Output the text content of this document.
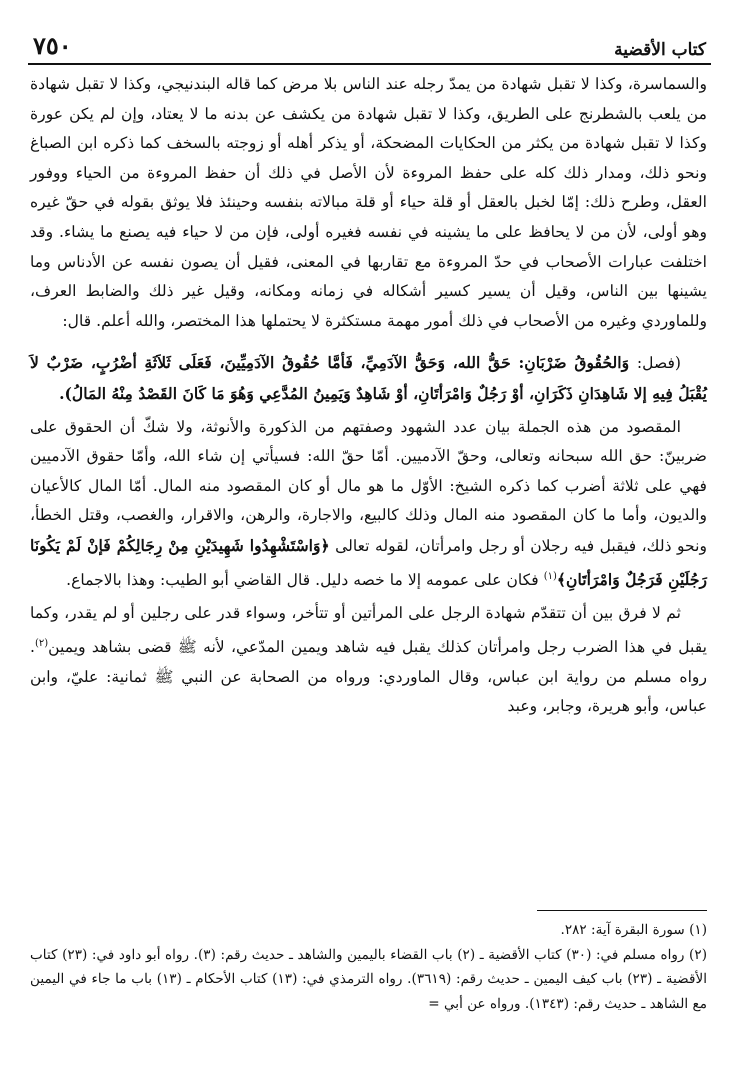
كتاب الأقضية
٧٥٠

والسماسرة، وكذا لا تقبل شهادة من يمدّ رجله عند الناس بلا مرض كما قاله البندنيجي، وكذا لا تقبل شهادة من يلعب بالشطرنج على الطريق، وكذا لا تقبل شهادة من يكشف عن بدنه ما لا يعتاد، وإن لم يكن عورة وكذا لا تقبل شهادة من يكثر من الحكايات المضحكة، أو يذكر أهله أو زوجته بالسخف كما ذكره ابن الصباغ ونحو ذلك، ومدار ذلك كله على حفظ المروءة لأن الأصل في ذلك أن حفظ المروءة من الحياء ووفور العقل، وطرح ذلك: إمّا لخبل بالعقل أو قلة حياء أو قلة مبالاته بنفسه وحينئذ فلا يوثق بقوله في حقّ غيره وهو أولى، لأن من لا يحافظ على ما يشينه في نفسه فغيره أولى، فإن من لا حياء فيه يصنع ما يشاء. وقد اختلفت عبارات الأصحاب في حدّ المروءة مع تقاربها في المعنى، فقيل أن يصون نفسه عن الأدناس وما يشينها بين الناس، وقيل أن يسير كسير أشكاله في زمانه ومكانه، وقيل غير ذلك والضابط العرف، وللماوردي وغيره من الأصحاب في ذلك أمور مهمة مستكثرة لا يحتملها هذا المختصر، والله أعلم. قال:

(فصل: وَالحُقُوقُ ضَرْبَانِ: حَقُّ الله، وَحَقُّ الآدَمِيِّ، فَأمَّا حُقُوقُ الآدَمِيِّينَ، فَعَلَى ثَلاَثَةِ أضْرُبٍ، ضَرْبٌ لاَ يُقْبَلُ فِيهِ إلا شَاهِدَانِ ذَكَرَانِ، أوْ رَجُلٌ وَامْرَأتَانِ، أوْ شَاهِدٌ وَيَمِينُ المُدَّعِي وَهُوَ مَا كَانَ القَصْدُ مِنْهُ المَالُ).

المقصود من هذه الجملة بيان عدد الشهود وصفتهم من الذكورة والأنوثة، ولا شكّ أن الحقوق على ضربينّ: حق الله سبحانه وتعالى، وحقّ الآدميين. أمّا حقّ الله: فسيأتي إن شاء الله، وأمّا حقوق الآدميين فهي على ثلاثة أضرب كما ذكره الشيخ: الأوّل ما هو مال أو كان المقصود منه المال. أمّا المال كالأعيان والديون، وأما ما كان المقصود منه المال وذلك كالبيع، والاجارة، والرهن، والاقرار، والغصب، وقتل الخطأ، ونحو ذلك، فيقبل فيه رجلان أو رجل وامرأتان، لقوله تعالى ﴿وَاسْتَشْهِدُوا شَهِيدَيْنِ مِنْ رِجَالِكُمْ فَإنْ لَمْ يَكُونَا رَجُلَيْنِ فَرَجُلٌ وَامْرَأتَانِ﴾$^{(١)}$ فكان على عمومه إلا ما خصه دليل. قال القاضي أبو الطيب: وهذا بالاجماع.

ثم لا فرق بين أن تتقدّم شهادة الرجل على المرأتين أو تتأخر، وسواء قدر على رجلين أو لم يقدر، وكما يقبل في هذا الضرب رجل وامرأتان كذلك يقبل فيه شاهد ويمين المدّعي، لأنه ﷺ قضى بشاهد ويمين$^{(٢)}$. رواه مسلم من رواية ابن عباس، وقال الماوردي: ورواه من الصحابة عن النبي ﷺ ثمانية: عليّ، وابن عباس، وأبو هريرة، وجابر، وعبد

(١) سورة البقرة آية: ٢٨٢.

(٢) رواه مسلم في: (٣٠) كتاب الأقضية ـ (٢) باب القضاء باليمين والشاهد ـ حديث رقم: (٣). رواه أبو داود في: (٢٣) كتاب الأقضية ـ (٢٣) باب كيف اليمين ـ حديث رقم: (٣٦١٩). رواه الترمذي في: (١٣) كتاب الأحكام ـ (١٣) باب ما جاء في اليمين مع الشاهد ـ حديث رقم: (١٣٤٣). ورواه عن أبي =
